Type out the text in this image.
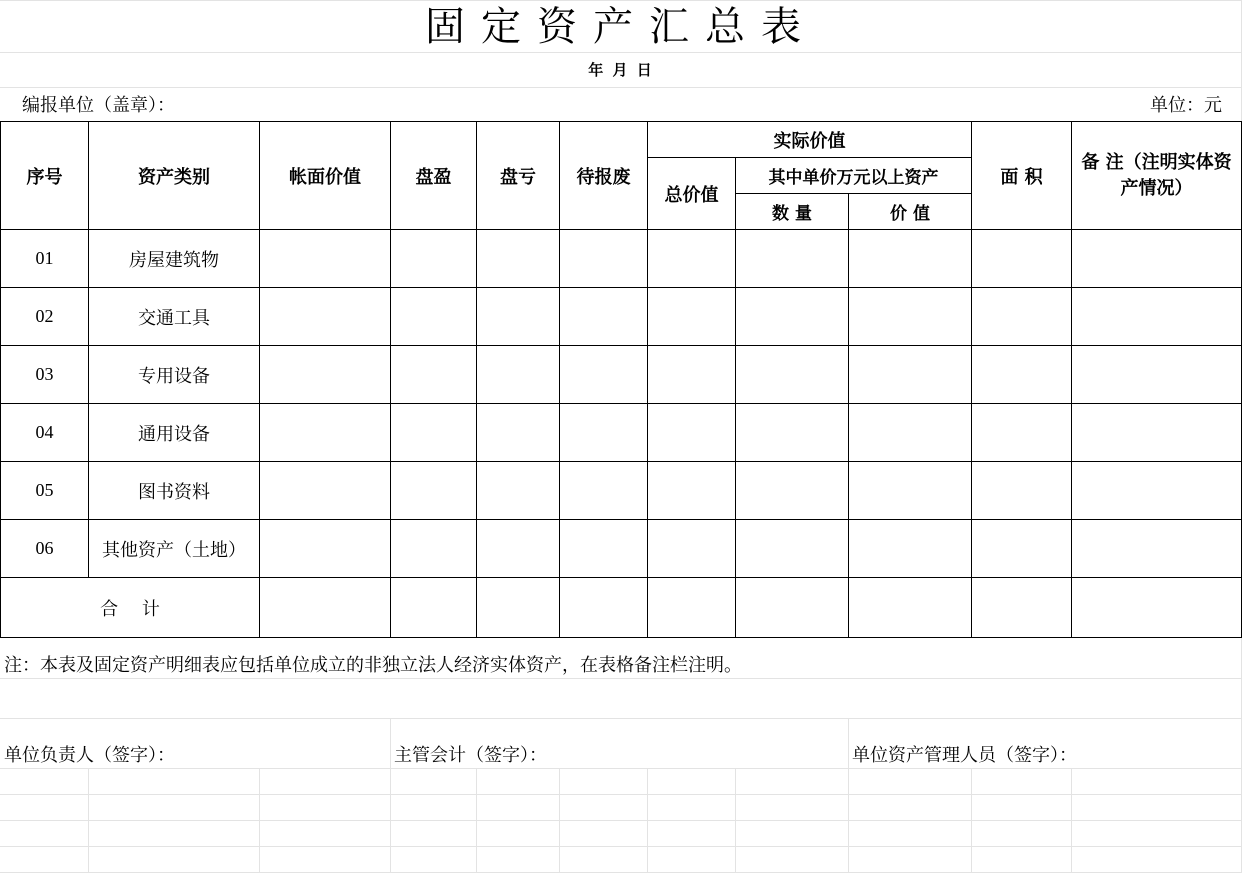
固定资产汇总表
年 月 日
编报单位（盖章）：	单位：元
序号	资产类别	帐面价值	盘盈	盘亏	待报废	实际价值			面 积	备 注（注明实体资产情况）
						总价值	其中单价万元以上资产			
							数 量	价 值		
01	房屋建筑物									
02	交通工具									
03	专用设备									
04	通用设备									
05	图书资料									
06	其他资产（土地）									
合　 计										
注：本表及固定资产明细表应包括单位成立的非独立法人经济实体资产，在表格备注栏注明。
单位负责人（签字）：	主管会计（签字）：	单位资产管理人员（签字）：
